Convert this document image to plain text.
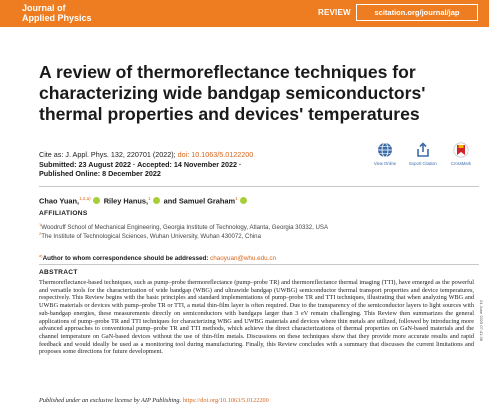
Journal of
Applied Physics
REVIEW	scitation.org/journal/jap
A review of thermoreflectance techniques for characterizing wide bandgap semiconductors' thermal properties and devices' temperatures
Cite as: J. Appl. Phys. 132, 220701 (2022); doi: 10.1063/5.0122200
Submitted: 23 August 2022 · Accepted: 14 November 2022 ·
Published Online: 8 December 2022
View Online	Export Citation	CrossMark
Chao Yuan,$^{1,2,a)}$ Riley Hanus,$^1$ and Samuel Graham$^1$
AFFILIATIONS
$^1$Woodruff School of Mechanical Engineering, Georgia Institute of Technology, Atlanta, Georgia 30332, USA
$^2$The Institute of Technological Sciences, Wuhan University, Wuhan 430072, China
$^{a)}$Author to whom correspondence should be addressed: chaoyuan@whu.edu.cn
ABSTRACT
Thermoreflectance-based techniques, such as pump–probe thermoreflectance (pump–probe TR) and thermoreflectance thermal imaging (TTI), have emerged as the powerful and versatile tools for the characterization of wide bandgap (WBG) and ultrawide bandgap (UWBG) semiconductor thermal transport properties and device temperatures, respectively. This Review begins with the basic principles and standard implementations of pump–probe TR and TTI techniques, illustrating that when analyzing WBG and UWBG materials or devices with pump–probe TR or TTI, a metal thin-film layer is often required. Due to the transparency of the semiconductor layers to light sources with sub-bandgap energies, these measurements directly on semiconductors with bandgaps larger than 3 eV remain challenging. This Review then summarizes the general applications of pump–probe TR and TTI techniques for characterizing WBG and UWBG materials and devices where thin metals are utilized, followed by introducing more advanced approaches to conventional pump–probe TR and TTI methods, which achieve the direct characterizations of thermal properties on GaN-based materials and the channel temperature on GaN-based devices without the use of thin-film metals. Discussions on these techniques show that they provide more accurate results and rapid feedback and would ideally be used as a monitoring tool during manufacturing. Finally, this Review concludes with a summary that discusses the current limitations and proposes some directions for future development.
Published under an exclusive license by AIP Publishing. https://doi.org/10.1063/5.0122200
24 June 2025 07:41:38
